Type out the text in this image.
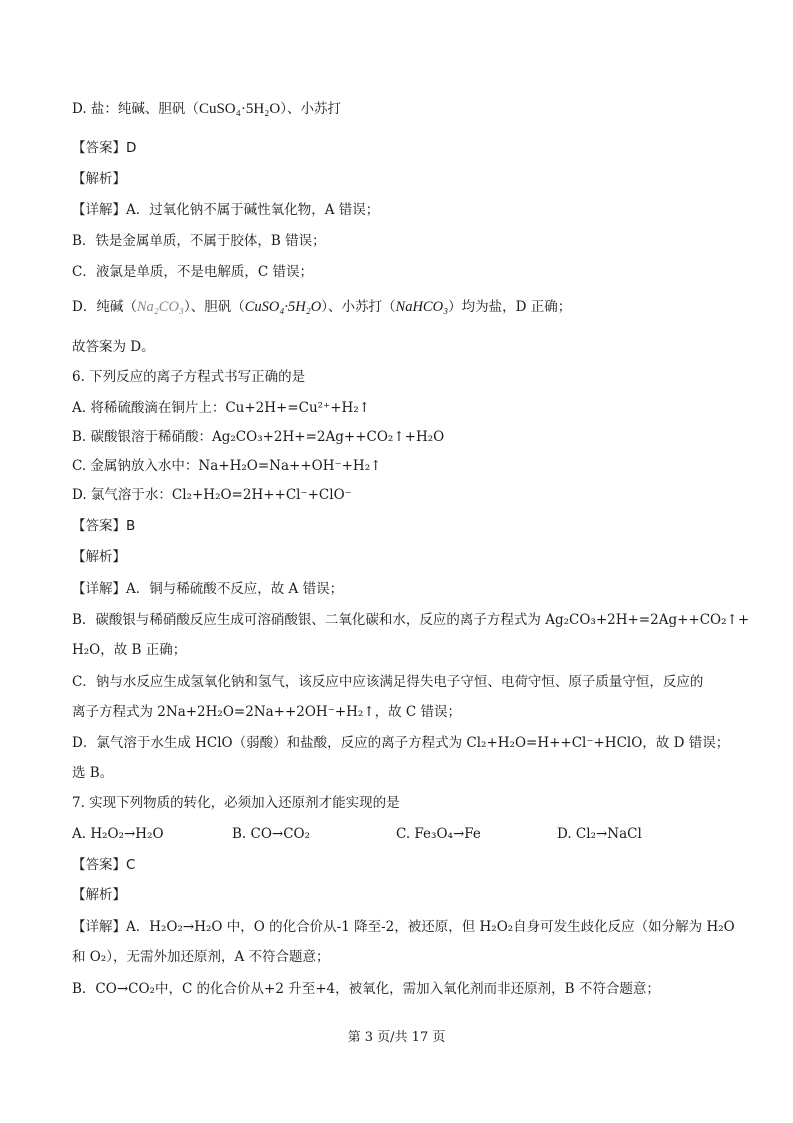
D. 盐：纯碱、胆矾（CuSO₄·5H₂O）、小苏打
【答案】D
【解析】
【详解】A．过氧化钠不属于碱性氧化物，A 错误；
B．铁是金属单质，不属于胶体，B 错误；
C．液氯是单质，不是电解质，C 错误；
D．纯碱（Na₂CO₃）、胆矾（CuSO₄·5H₂O）、小苏打（NaHCO₃）均为盐，D 正确；
故答案为 D。
6. 下列反应的离子方程式书写正确的是
A. 将稀硫酸滴在铜片上：Cu+2H+=Cu²⁺+H₂↑
B. 碳酸银溶于稀硝酸：Ag₂CO₃+2H+=2Ag++CO₂↑+H₂O
C. 金属钠放入水中：Na+H₂O=Na++OH⁻+H₂↑
D. 氯气溶于水：Cl₂+H₂O=2H++Cl⁻+ClO⁻
【答案】B
【解析】
【详解】A．铜与稀硫酸不反应，故 A 错误；
B．碳酸银与稀硝酸反应生成可溶硝酸银、二氧化碳和水，反应的离子方程式为 Ag₂CO₃+2H+=2Ag++CO₂↑+
H₂O，故 B 正确；
C．钠与水反应生成氢氧化钠和氢气，该反应中应该满足得失电子守恒、电荷守恒、原子质量守恒，反应的
离子方程式为 2Na+2H₂O=2Na++2OH⁻+H₂↑，故 C 错误；
D．氯气溶于水生成 HClO（弱酸）和盐酸，反应的离子方程式为 Cl₂+H₂O=H++Cl⁻+HClO，故 D 错误；
选 B。
7. 实现下列物质的转化，必须加入还原剂才能实现的是
A. H₂O₂→H₂O	B. CO→CO₂	C. Fe₃O₄→Fe	D. Cl₂→NaCl
【答案】C
【解析】
【详解】A．H₂O₂→H₂O 中，O 的化合价从-1 降至-2，被还原，但 H₂O₂自身可发生歧化反应（如分解为 H₂O
和 O₂），无需外加还原剂，A 不符合题意；
B．CO→CO₂中，C 的化合价从+2 升至+4，被氧化，需加入氧化剂而非还原剂，B 不符合题意；
第 3 页/共 17 页
